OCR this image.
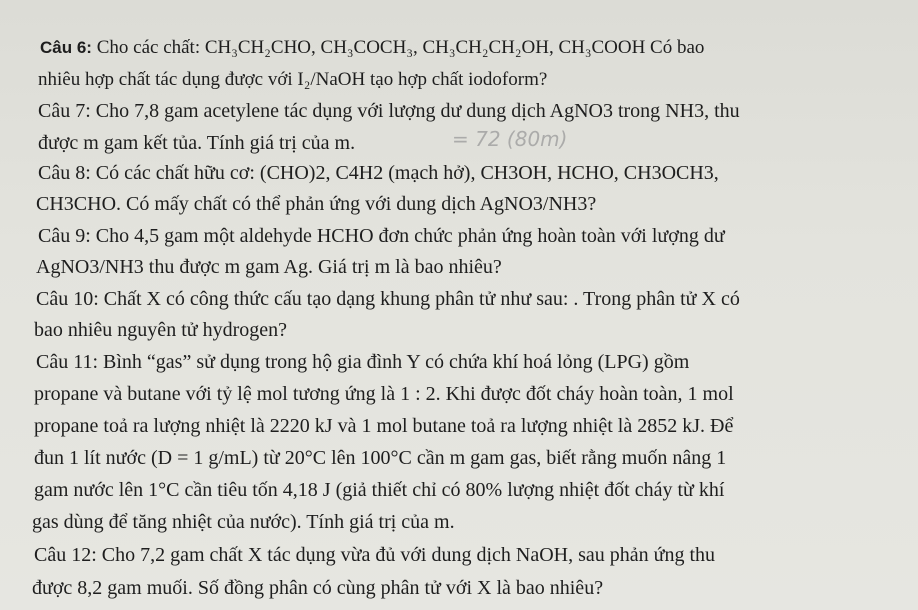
Câu 6: Cho các chất: CH₃CH₂CHO, CH₃COCH₃, CH₃CH₂CH₂OH, CH₃COOH Có bao
nhiêu hợp chất tác dụng được với I₂/NaOH tạo hợp chất iodoform?
Câu 7: Cho 7,8 gam acetylene tác dụng với lượng dư dung dịch AgNO3 trong NH3, thu
được m gam kết tủa. Tính giá trị của m.	= 72 (80m)
Câu 8: Có các chất hữu cơ: (CHO)2, C4H2 (mạch hở), CH3OH, HCHO, CH3OCH3,
CH3CHO. Có mấy chất có thể phản ứng với dung dịch AgNO3/NH3?
Câu 9: Cho 4,5 gam một aldehyde HCHO đơn chức phản ứng hoàn toàn với lượng dư
AgNO3/NH3 thu được m gam Ag. Giá trị m là bao nhiêu?
Câu 10: Chất X có công thức cấu tạo dạng khung phân tử như sau: . Trong phân tử X có
bao nhiêu nguyên tử hydrogen?
Câu 11: Bình “gas” sử dụng trong hộ gia đình Y có chứa khí hoá lỏng (LPG) gồm
propane và butane với tỷ lệ mol tương ứng là 1 : 2. Khi được đốt cháy hoàn toàn, 1 mol
propane toả ra lượng nhiệt là 2220 kJ và 1 mol butane toả ra lượng nhiệt là 2852 kJ. Để
đun 1 lít nước (D = 1 g/mL) từ 20°C lên 100°C cần m gam gas, biết rằng muốn nâng 1
gam nước lên 1°C cần tiêu tốn 4,18 J (giả thiết chỉ có 80% lượng nhiệt đốt cháy từ khí
gas dùng để tăng nhiệt của nước). Tính giá trị của m.
Câu 12: Cho 7,2 gam chất X tác dụng vừa đủ với dung dịch NaOH, sau phản ứng thu
được 8,2 gam muối. Số đồng phân có cùng phân tử với X là bao nhiêu?
